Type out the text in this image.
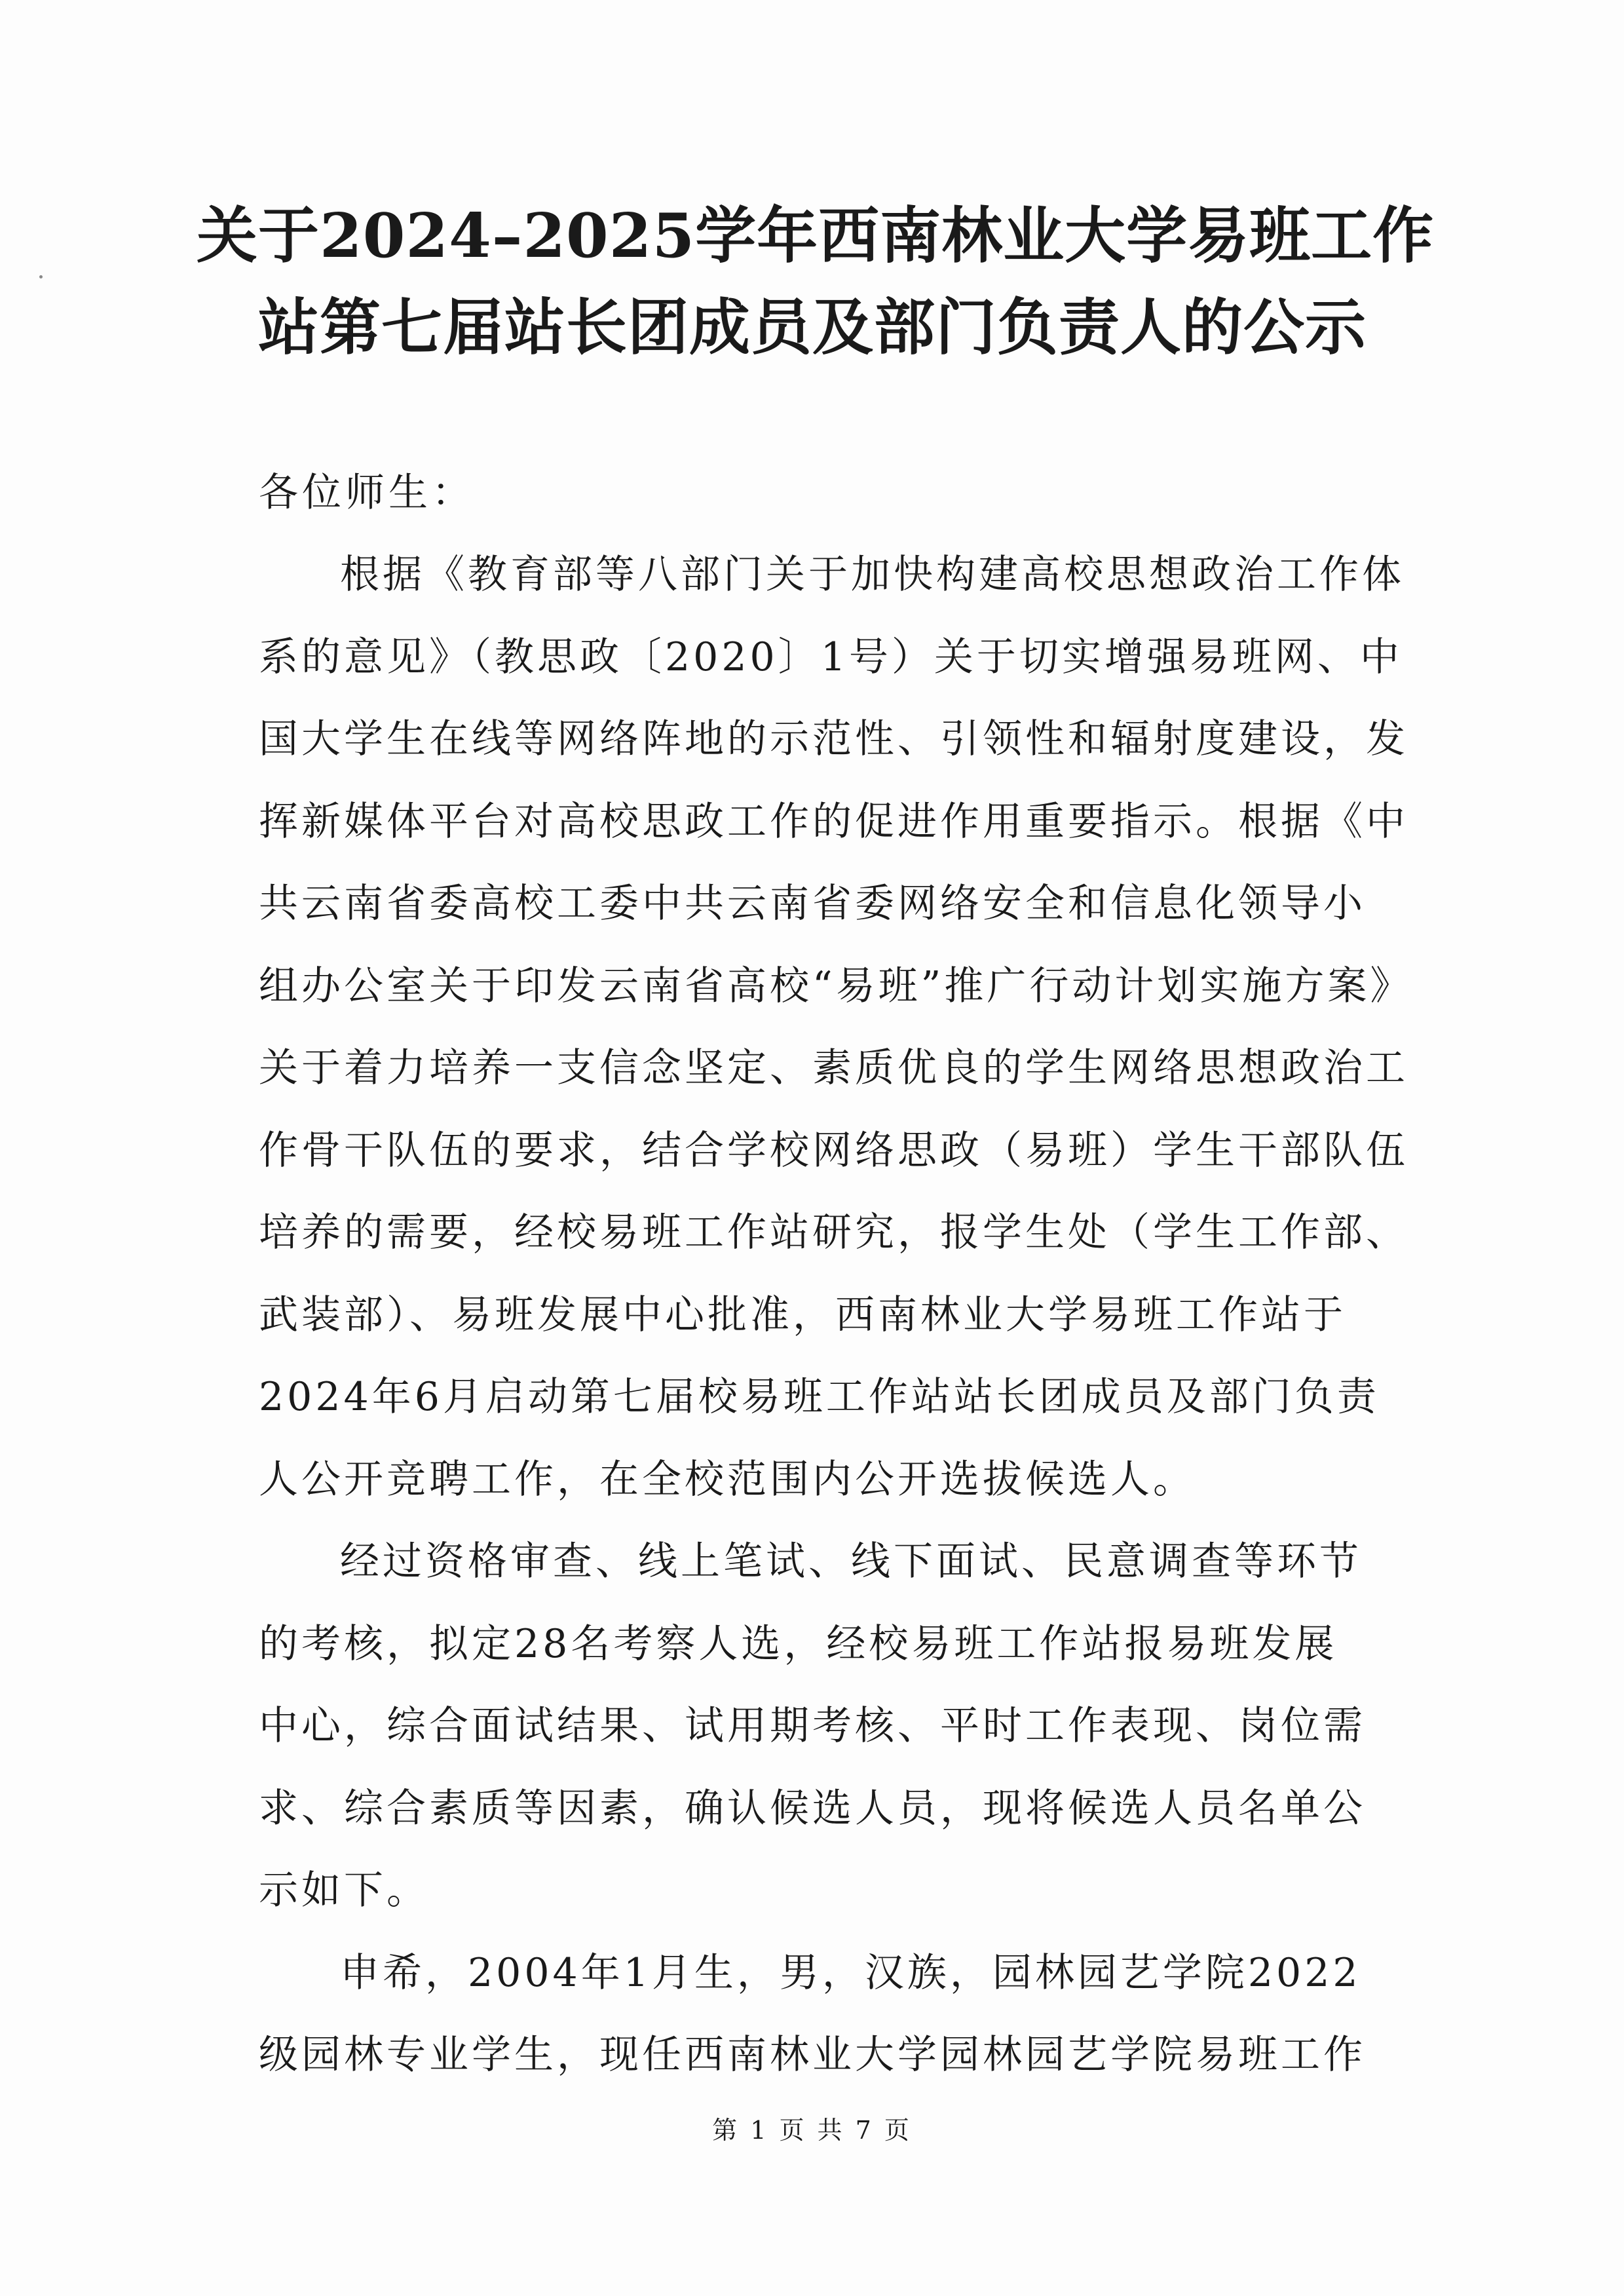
关于2024–2025学年西南林业大学易班工作
站第七届站长团成员及部门负责人的公示
各位师生：
根据《教育部等八部门关于加快构建高校思想政治工作体
系的意见》（教思政〔2020〕1号）关于切实增强易班网、中
国大学生在线等网络阵地的示范性、引领性和辐射度建设，发
挥新媒体平台对高校思政工作的促进作用重要指示。根据《中
共云南省委高校工委中共云南省委网络安全和信息化领导小
组办公室关于印发云南省高校“易班”推广行动计划实施方案》
关于着力培养一支信念坚定、素质优良的学生网络思想政治工
作骨干队伍的要求，结合学校网络思政（易班）学生干部队伍
培养的需要，经校易班工作站研究，报学生处（学生工作部、
武装部）、易班发展中心批准，西南林业大学易班工作站于
2024年6月启动第七届校易班工作站站长团成员及部门负责
人公开竞聘工作，在全校范围内公开选拔候选人。
经过资格审查、线上笔试、线下面试、民意调查等环节
的考核，拟定28名考察人选，经校易班工作站报易班发展
中心，综合面试结果、试用期考核、平时工作表现、岗位需
求、综合素质等因素，确认候选人员，现将候选人员名单公
示如下。
申希，2004年1月生，男，汉族，园林园艺学院2022
级园林专业学生，现任西南林业大学园林园艺学院易班工作
第 1 页 共 7 页
